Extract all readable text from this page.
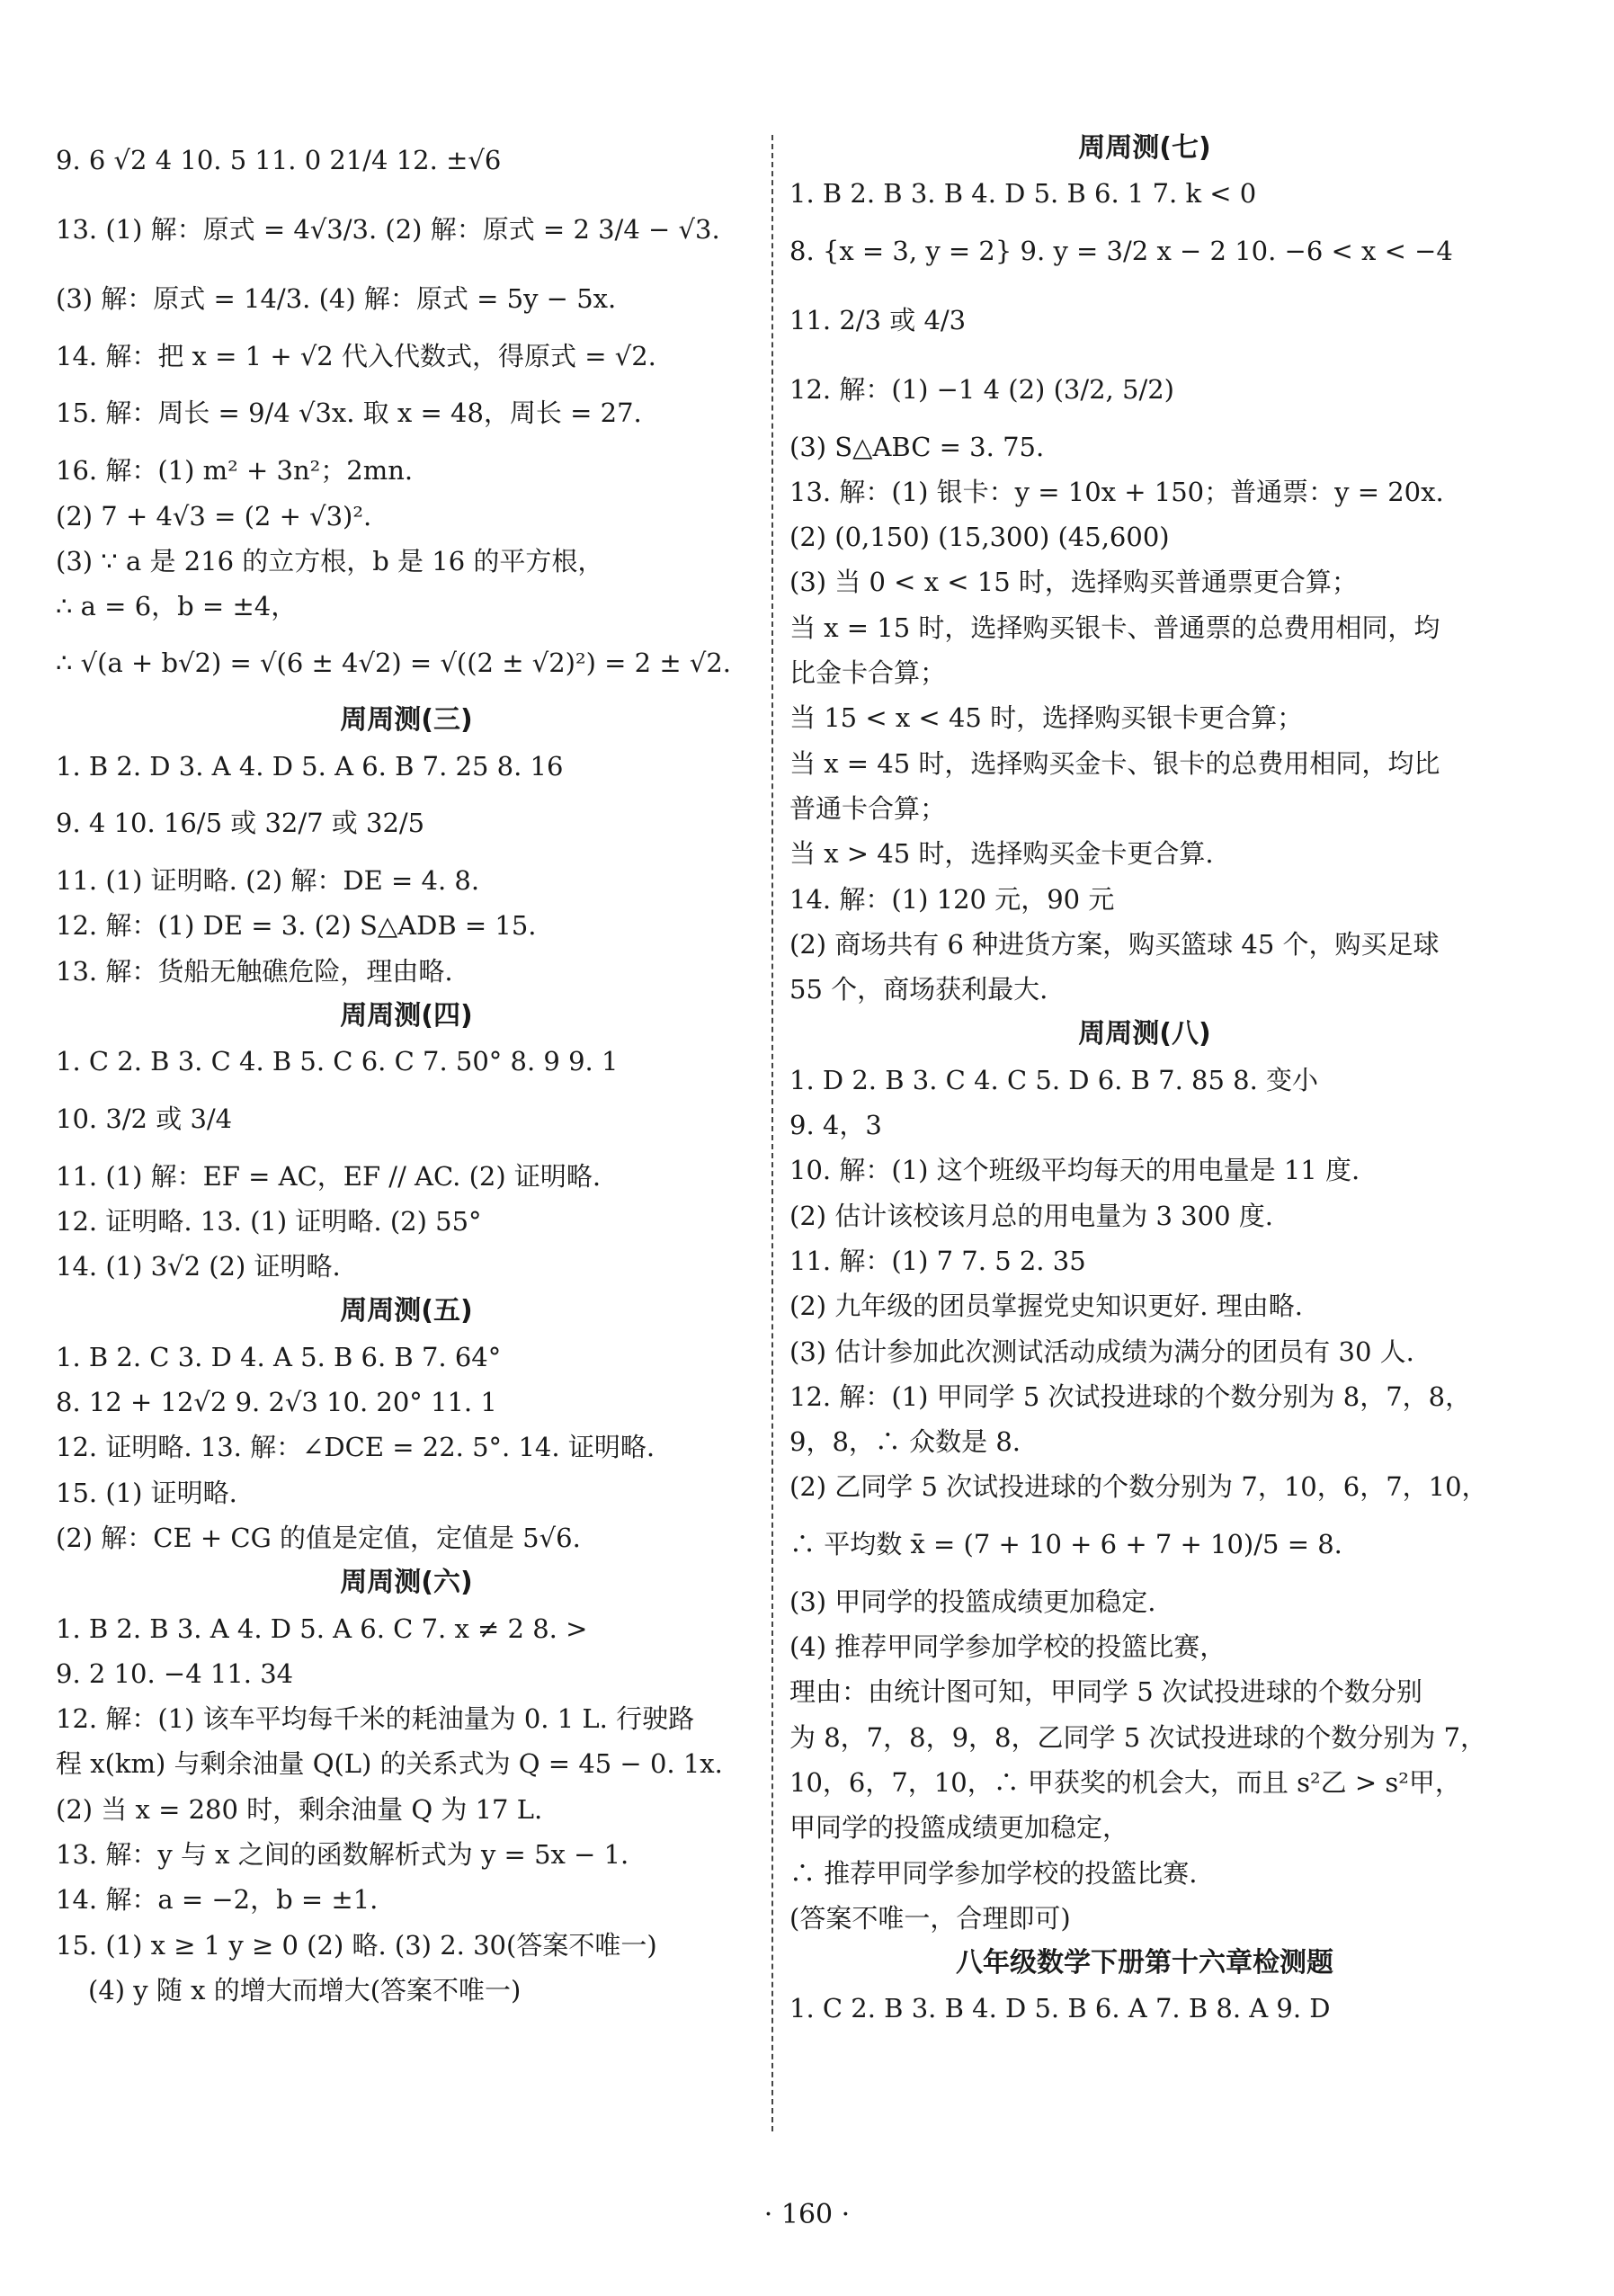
9. 6 √2 4 10. 5 11. 0 21/4 12. ±√6
13. (1) 解：原式 = 4√3/3. (2) 解：原式 = 2 3/4 − √3.
(3) 解：原式 = 14/3. (4) 解：原式 = 5y − 5x.
14. 解：把 x = 1 + √2 代入代数式，得原式 = √2.
15. 解：周长 = 9/4 √3x. 取 x = 48，周长 = 27.
16. 解：(1) m² + 3n²；2mn.
(2) 7 + 4√3 = (2 + √3)².
(3) ∵ a 是 216 的立方根，b 是 16 的平方根，
∴ a = 6，b = ±4，
∴ √(a + b√2) = √(6 ± 4√2) = √((2 ± √2)²) = 2 ± √2.
周周测(三)
1. B 2. D 3. A 4. D 5. A 6. B 7. 25 8. 16
9. 4 10. 16/5 或 32/7 或 32/5
11. (1) 证明略. (2) 解：DE = 4. 8.
12. 解：(1) DE = 3. (2) S△ADB = 15.
13. 解：货船无触礁危险，理由略.
周周测(四)
1. C 2. B 3. C 4. B 5. C 6. C 7. 50° 8. 9 9. 1
10. 3/2 或 3/4
11. (1) 解：EF = AC，EF // AC. (2) 证明略.
12. 证明略. 13. (1) 证明略. (2) 55°
14. (1) 3√2 (2) 证明略.
周周测(五)
1. B 2. C 3. D 4. A 5. B 6. B 7. 64°
8. 12 + 12√2 9. 2√3 10. 20° 11. 1
12. 证明略. 13. 解：∠DCE = 22. 5°. 14. 证明略.
15. (1) 证明略.
(2) 解：CE + CG 的值是定值，定值是 5√6.
周周测(六)
1. B 2. B 3. A 4. D 5. A 6. C 7. x ≠ 2 8. >
9. 2 10. −4 11. 34
12. 解：(1) 该车平均每千米的耗油量为 0. 1 L. 行驶路
程 x(km) 与剩余油量 Q(L) 的关系式为 Q = 45 − 0. 1x.
(2) 当 x = 280 时，剩余油量 Q 为 17 L.
13. 解：y 与 x 之间的函数解析式为 y = 5x − 1.
14. 解：a = −2，b = ±1.
15. (1) x ≥ 1 y ≥ 0 (2) 略. (3) 2. 30(答案不唯一)
(4) y 随 x 的增大而增大(答案不唯一)
周周测(七)
1. B 2. B 3. B 4. D 5. B 6. 1 7. k < 0
8. {x = 3, y = 2} 9. y = 3/2 x − 2 10. −6 < x < −4
11. 2/3 或 4/3
12. 解：(1) −1 4 (2) (3/2, 5/2)
(3) S△ABC = 3. 75.
13. 解：(1) 银卡：y = 10x + 150；普通票：y = 20x.
(2) (0,150) (15,300) (45,600)
(3) 当 0 < x < 15 时，选择购买普通票更合算；
当 x = 15 时，选择购买银卡、普通票的总费用相同，均
比金卡合算；
当 15 < x < 45 时，选择购买银卡更合算；
当 x = 45 时，选择购买金卡、银卡的总费用相同，均比
普通卡合算；
当 x > 45 时，选择购买金卡更合算.
14. 解：(1) 120 元，90 元
(2) 商场共有 6 种进货方案，购买篮球 45 个，购买足球
55 个，商场获利最大.
周周测(八)
1. D 2. B 3. C 4. C 5. D 6. B 7. 85 8. 变小
9. 4，3
10. 解：(1) 这个班级平均每天的用电量是 11 度.
(2) 估计该校该月总的用电量为 3 300 度.
11. 解：(1) 7 7. 5 2. 35
(2) 九年级的团员掌握党史知识更好. 理由略.
(3) 估计参加此次测试活动成绩为满分的团员有 30 人.
12. 解：(1) 甲同学 5 次试投进球的个数分别为 8，7，8，
9，8，∴ 众数是 8.
(2) 乙同学 5 次试投进球的个数分别为 7，10，6，7，10，
∴ 平均数 x̄ = (7 + 10 + 6 + 7 + 10)/5 = 8.
(3) 甲同学的投篮成绩更加稳定.
(4) 推荐甲同学参加学校的投篮比赛，
理由：由统计图可知，甲同学 5 次试投进球的个数分别
为 8，7，8，9，8，乙同学 5 次试投进球的个数分别为 7，
10，6，7，10，∴ 甲获奖的机会大，而且 s²乙 > s²甲，
甲同学的投篮成绩更加稳定，
∴ 推荐甲同学参加学校的投篮比赛.
(答案不唯一，合理即可)
八年级数学下册第十六章检测题
1. C 2. B 3. B 4. D 5. B 6. A 7. B 8. A 9. D
· 160 ·
